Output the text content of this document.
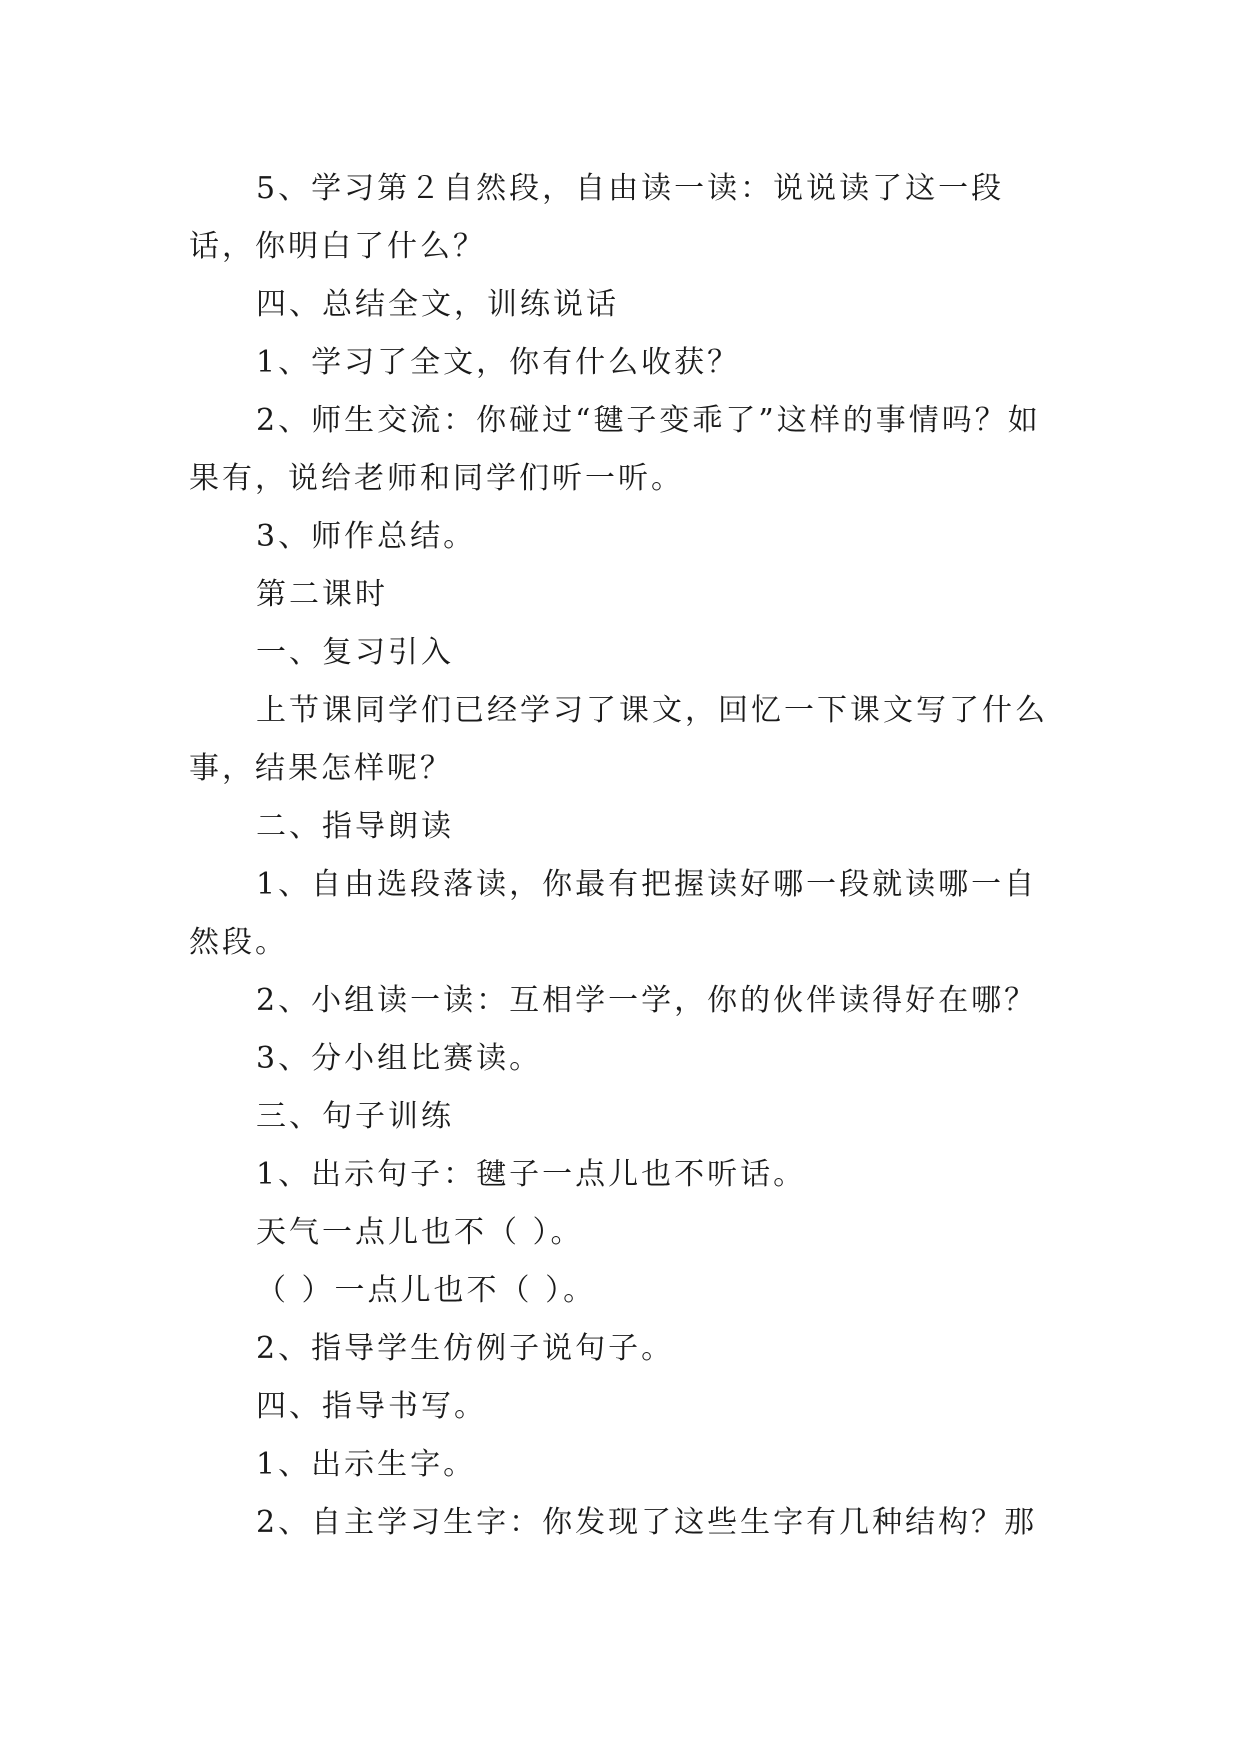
5、学习第２自然段，自由读一读：说说读了这一段话，你明白了什么？

四、总结全文，训练说话

1、学习了全文，你有什么收获？

2、师生交流：你碰过“毽子变乖了”这样的事情吗？如果有，说给老师和同学们听一听。

3、师作总结。

第二课时

一、复习引入

上节课同学们已经学习了课文，回忆一下课文写了什么事，结果怎样呢？

二、指导朗读

1、自由选段落读，你最有把握读好哪一段就读哪一自然段。

2、小组读一读：互相学一学，你的伙伴读得好在哪？

3、分小组比赛读。

三、句子训练

1、出示句子：毽子一点儿也不听话。

天气一点儿也不（ ）。

（ ）一点儿也不（ ）。

2、指导学生仿例子说句子。

四、指导书写。

1、出示生字。

2、自主学习生字：你发现了这些生字有几种结构？那
